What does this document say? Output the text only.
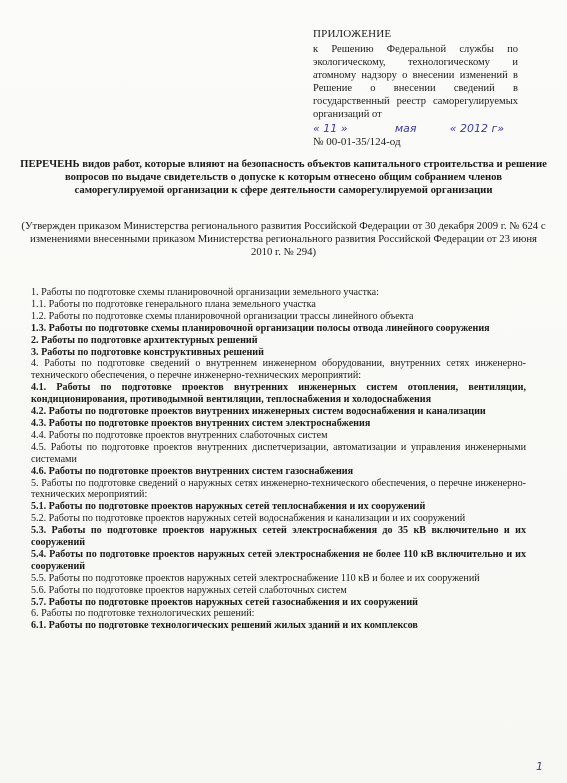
ПРИЛОЖЕНИЕ
к Решению Федеральной службы по экологическому, технологическому и атомному надзору о внесении изменений в Решение о внесении сведений в государственный реестр саморегулируемых организаций от
« 11 »	мая	« 2012 г»
№ 00-01-35/124-од
ПЕРЕЧЕНЬ видов работ, которые влияют на безопасность объектов капитального строительства и решение вопросов по выдаче свидетельств о допуске к которым отнесено общим собранием членов саморегулируемой организации к сфере деятельности саморегулируемой организации
(Утвержден приказом Министерства регионального развития Российской Федерации от 30 декабря 2009 г. № 624 с изменениями внесенными приказом Министерства регионального развития Российской Федерации от 23 июня 2010 г. № 294)

1. Работы по подготовке схемы планировочной организации земельного участка:

1.1. Работы по подготовке генерального плана земельного участка

1.2. Работы по подготовке схемы планировочной организации трассы линейного объекта

1.3. Работы по подготовке схемы планировочной организации полосы отвода линейного сооружения

2. Работы по подготовке архитектурных решений

3. Работы по подготовке конструктивных решений

4. Работы по подготовке сведений о внутреннем инженерном оборудовании, внутренних сетях инженерно-технического обеспечения, о перечне инженерно-технических мероприятий:

4.1. Работы по подготовке проектов внутренних инженерных систем отопления, вентиляции, кондиционирования, противодымной вентиляции, теплоснабжения и холодоснабжения

4.2. Работы по подготовке проектов внутренних инженерных систем водоснабжения и канализации

4.3. Работы по подготовке проектов внутренних систем электроснабжения

4.4. Работы по подготовке проектов внутренних слаботочных систем

4.5. Работы по подготовке проектов внутренних диспетчеризации, автоматизации и управления инженерными системами

4.6. Работы по подготовке проектов внутренних систем газоснабжения

5. Работы по подготовке сведений о наружных сетях инженерно-технического обеспечения, о перечне инженерно-технических мероприятий:

5.1. Работы по подготовке проектов наружных сетей теплоснабжения и их сооружений

5.2. Работы по подготовке проектов наружных сетей водоснабжения и канализации и их сооружений

5.3. Работы по подготовке проектов наружных сетей электроснабжения до 35 кВ включительно и их сооружений

5.4. Работы по подготовке проектов наружных сетей электроснабжения не более 110 кВ включительно и их сооружений

5.5. Работы по подготовке проектов наружных сетей электроснабжение 110 кВ и более и их сооружений

5.6. Работы по подготовке проектов наружных сетей слаботочных систем

5.7. Работы по подготовке проектов наружных сетей газоснабжения и их сооружений

6. Работы по подготовке технологических решений:

6.1. Работы по подготовке технологических решений жилых зданий и их комплексов

1
